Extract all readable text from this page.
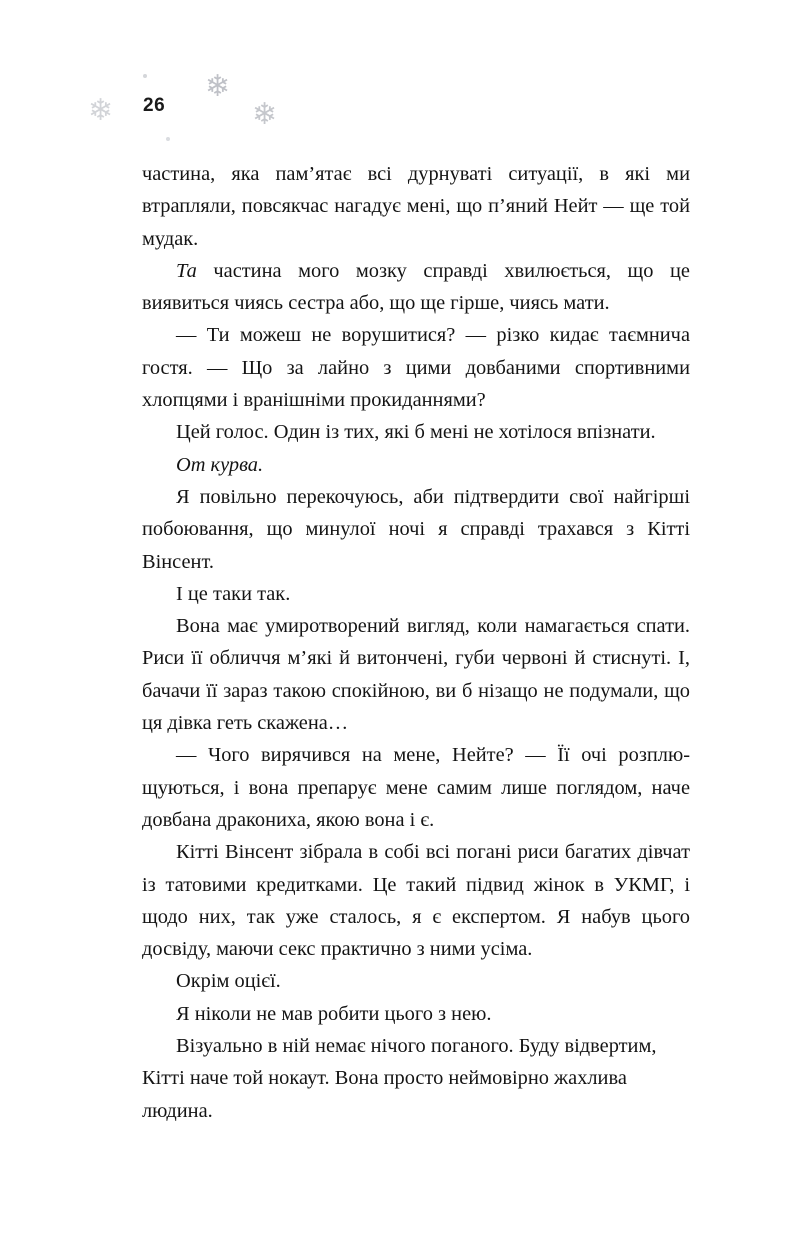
❄
❄	❄
26

частина, яка пам’ятає всі дурнуваті ситуації, в які ми втрапляли, повсякчас нагадує мені, що п’яний Нейт — ще той мудак.

Та частина мого мозку справді хвилюється, що це виявиться чиясь сестра або, що ще гірше, чиясь мати.

— Ти можеш не ворушитися? — різко кидає таємнича гостя. — Що за лайно з цими довбаними спортивними хлопцями і вранішніми прокиданнями?

Цей голос. Один із тих, які б мені не хотілося впізнати.

От курва.

Я повільно перекочуюсь, аби підтвердити свої найгірші побоювання, що минулої ночі я справді трахався з Кітті Вінсент.

І це таки так.

Вона має умиротворений вигляд, коли намагається спати. Риси її обличчя м’які й витончені, губи червоні й стиснуті. І, бачачи її зараз такою спокійною, ви б нізащо не подумали, що ця дівка геть скажена…

— Чого вирячився на мене, Нейте? — Її очі розплющуються, і вона препарує мене самим лише поглядом, наче довбана дракониха, якою вона і є.

Кітті Вінсент зібрала в собі всі погані риси багатих дівчат із татовими кредитками. Це такий підвид жінок в УКМГ, і щодо них, так уже сталось, я є експертом. Я набув цього досвіду, маючи секс практично з ними усіма.

Окрім оцієї.

Я ніколи не мав робити цього з нею.

Візуально в ній немає нічого поганого. Буду відвертим, Кітті наче той нокаут. Вона просто неймовірно жахлива людина.
